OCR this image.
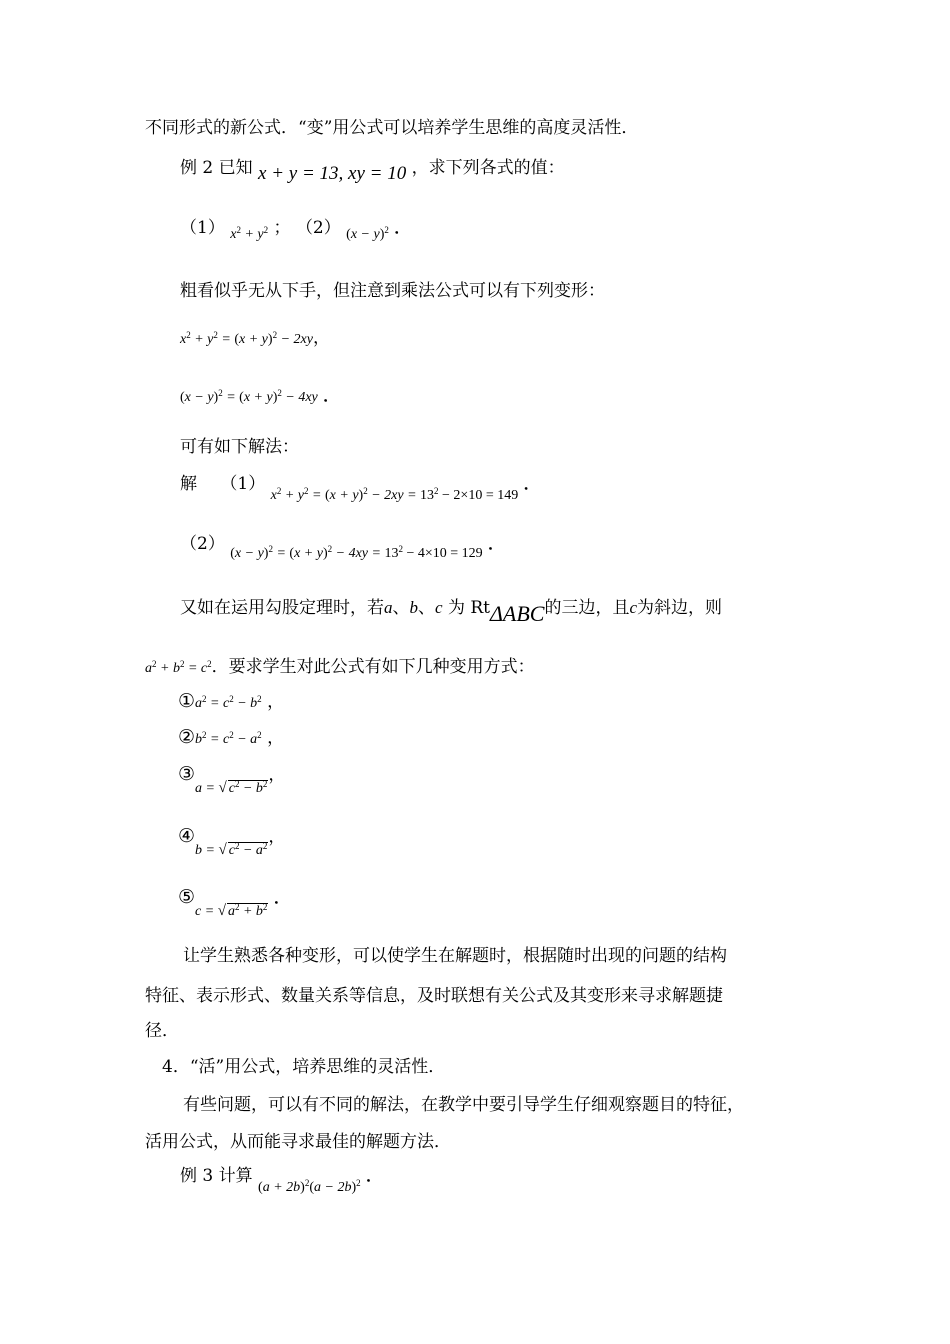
不同形式的新公式．“变”用公式可以培养学生思维的高度灵活性．
例 2 已知 x + y = 13, xy = 10 ，求下列各式的值：
（1） $_{x^2 + y^2}$ ； （2） $_{(x - y)^2}$ ．
粗看似乎无从下手，但注意到乘法公式可以有下列变形：
$x^2 + y^2 = (x + y)^2 - 2xy$，
$(x - y)^2 = (x + y)^2 - 4xy$ ．
可有如下解法：
解 （1） $_{x^2 + y^2 = (x + y)^2 - 2xy = 13^2 - 2\times 10 = 149}$ ．
（2） $_{(x - y)^2 = (x + y)^2 - 4xy = 13^2 - 4\times 10 = 129}$ ．
又如在运用勾股定理时，若a、b、c 为 RtΔABC的三边，且c为斜边，则
$a^2 + b^2 = c^2$．要求学生对此公式有如下几种变用方式：
$①a^2 = c^2 - b^2$ ，
$②b^2 = c^2 - a^2$ ，
$③_{a = √ c^2 - b^2}$，
$④_{b = √ c^2 - a^2}$，
$⑤_{c = √ a^2 + b^2}$ ．
让学生熟悉各种变形，可以使学生在解题时，根据随时出现的问题的结构
特征、表示形式、数量关系等信息，及时联想有关公式及其变形来寻求解题捷
径．
4．“活”用公式，培养思维的灵活性．
有些问题，可以有不同的解法，在教学中要引导学生仔细观察题目的特征，
活用公式，从而能寻求最佳的解题方法．
例 3 计算 $_{(a + 2b)^2(a - 2b)^2}$ ．
